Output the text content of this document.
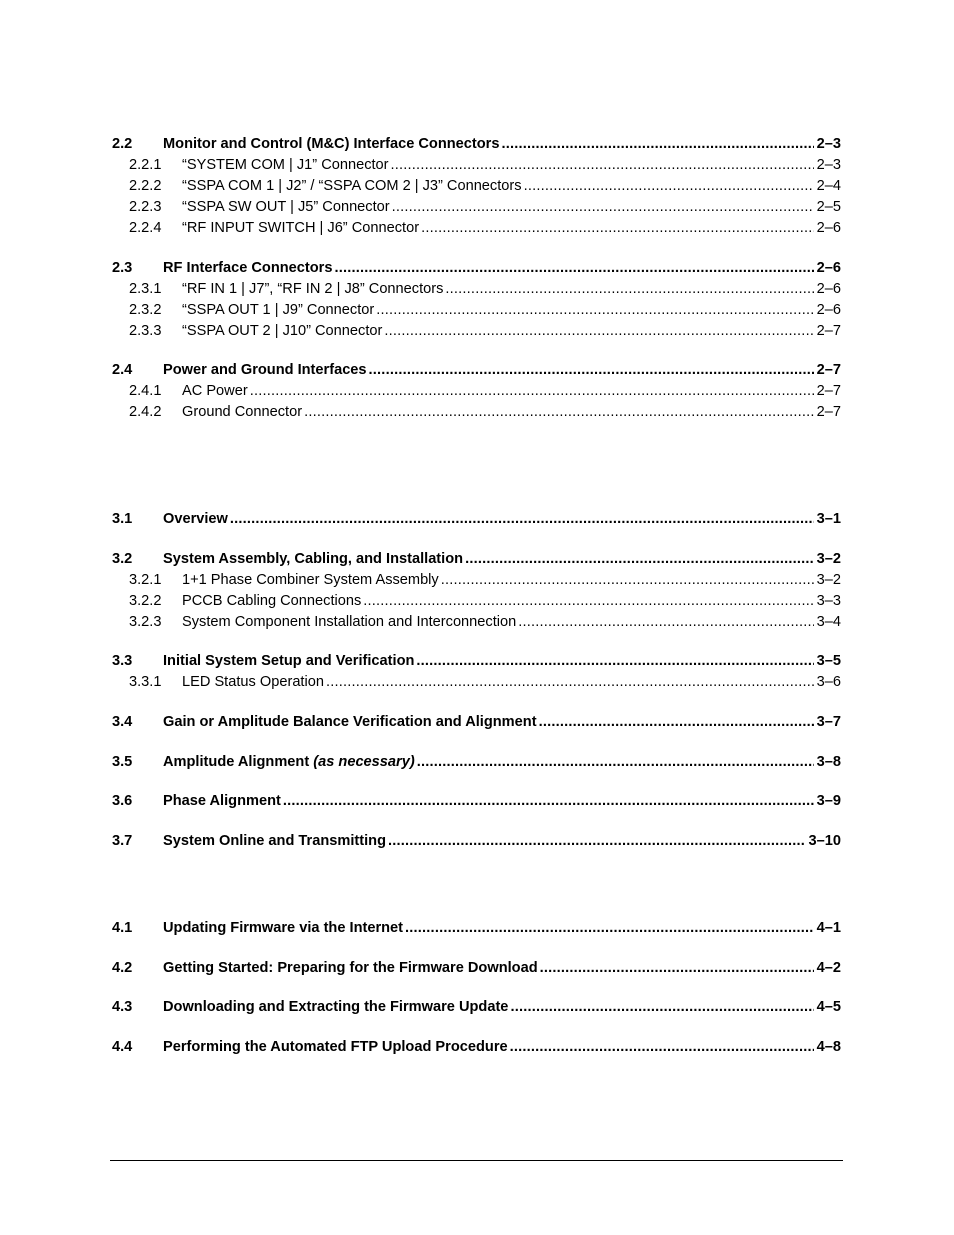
2.2	Monitor and Control (M&C) Interface Connectors .....	2–3
2.2.1	“SYSTEM COM | J1” Connector .....	2–3
2.2.2	“SSPA COM 1 | J2” / “SSPA COM 2 | J3” Connectors .....	2–4
2.2.3	“SSPA SW OUT | J5” Connector .....	2–5
2.2.4	“RF INPUT SWITCH | J6” Connector .....	2–6
2.3	RF Interface Connectors .....	2–6
2.3.1	“RF IN 1 | J7”, “RF IN 2 | J8” Connectors .....	2–6
2.3.2	“SSPA OUT 1 | J9” Connector .....	2–6
2.3.3	“SSPA OUT 2 | J10” Connector .....	2–7
2.4	Power and Ground Interfaces .....	2–7
2.4.1	AC Power .....	2–7
2.4.2	Ground Connector .....	2–7
3.1	Overview .....	3–1
3.2	System Assembly, Cabling, and Installation .....	3–2
3.2.1	1+1 Phase Combiner System Assembly .....	3–2
3.2.2	PCCB Cabling Connections .....	3–3
3.2.3	System Component Installation and Interconnection .....	3–4
3.3	Initial System Setup and Verification .....	3–5
3.3.1	LED Status Operation .....	3–6
3.4	Gain or Amplitude Balance Verification and Alignment .....	3–7
3.5	Amplitude Alignment (as necessary) .....	3–8
3.6	Phase Alignment .....	3–9
3.7	System Online and Transmitting .....	3–10
4.1	Updating Firmware via the Internet .....	4–1
4.2	Getting Started: Preparing for the Firmware Download .....	4–2
4.3	Downloading and Extracting the Firmware Update .....	4–5
4.4	Performing the Automated FTP Upload Procedure .....	4–8
